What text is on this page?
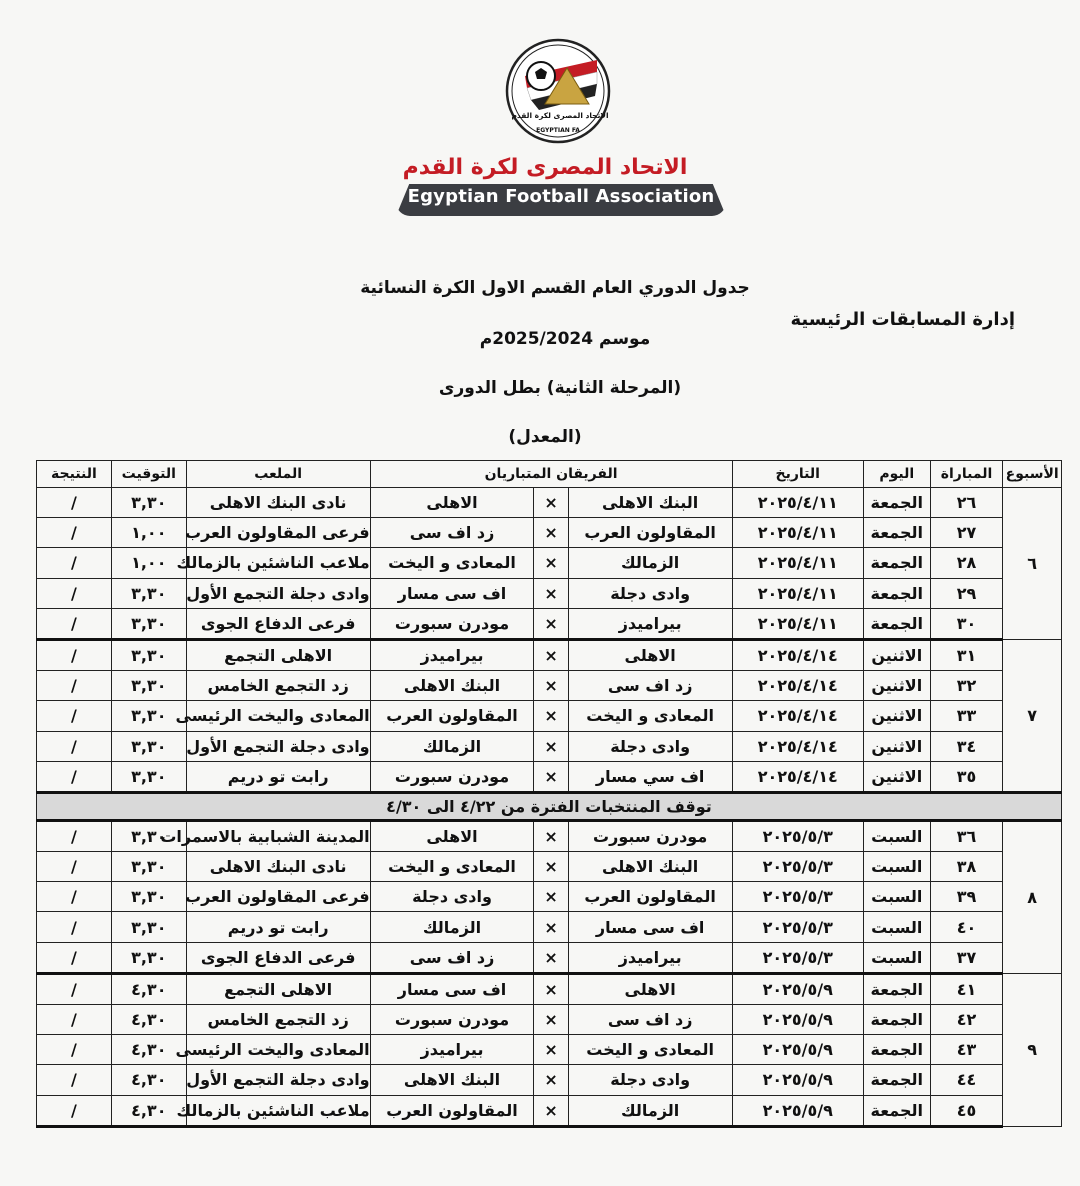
الاتحاد المصرى لكرة القدم
EGYPTIAN FA
الاتحاد المصرى لكرة القدم
Egyptian Football Association
جدول الدوري العام القسم الاول الكرة النسائية
إدارة المسابقات الرئيسية
موسم 2025/2024م
(المرحلة الثانية) بطل الدورى
(المعدل)
الأسبوع	المباراة	اليوم	التاريخ	الفريقان المتباريان			الملعب	التوقيت	النتيجة
٦	٢٦	الجمعة	٢٠٢٥/٤/١١	البنك الاهلى	×	الاهلى	نادى البنك الاهلى	٣,٣٠	/
	٢٧	الجمعة	٢٠٢٥/٤/١١	المقاولون العرب	×	زد اف سى	فرعى المقاولون العرب	١,٠٠	/
	٢٨	الجمعة	٢٠٢٥/٤/١١	الزمالك	×	المعادى و اليخت	ملاعب الناشئين بالزمالك	١,٠٠	/
	٢٩	الجمعة	٢٠٢٥/٤/١١	وادى دجلة	×	اف سى مسار	وادى دجلة التجمع الأول	٣,٣٠	/
	٣٠	الجمعة	٢٠٢٥/٤/١١	بيراميدز	×	مودرن سبورت	فرعى الدفاع الجوى	٣,٣٠	/
٧	٣١	الاثنين	٢٠٢٥/٤/١٤	الاهلى	×	بيراميدز	الاهلى التجمع	٣,٣٠	/
	٣٢	الاثنين	٢٠٢٥/٤/١٤	زد اف سى	×	البنك الاهلى	زد التجمع الخامس	٣,٣٠	/
	٣٣	الاثنين	٢٠٢٥/٤/١٤	المعادى و اليخت	×	المقاولون العرب	المعادى واليخت الرئيسى	٣,٣٠	/
	٣٤	الاثنين	٢٠٢٥/٤/١٤	وادى دجلة	×	الزمالك	وادى دجلة التجمع الأول	٣,٣٠	/
	٣٥	الاثنين	٢٠٢٥/٤/١٤	اف سي مسار	×	مودرن سبورت	رابت تو دريم	٣,٣٠	/
توقف المنتخبات الفترة من ٤/٢٢ الى ٤/٣٠									
٨	٣٦	السبت	٢٠٢٥/٥/٣	مودرن سبورت	×	الاهلى	المدينة الشبابية بالاسمرات	٣,٣٠	/
	٣٨	السبت	٢٠٢٥/٥/٣	البنك الاهلى	×	المعادى و اليخت	نادى البنك الاهلى	٣,٣٠	/
	٣٩	السبت	٢٠٢٥/٥/٣	المقاولون العرب	×	وادى دجلة	فرعى المقاولون العرب	٣,٣٠	/
	٤٠	السبت	٢٠٢٥/٥/٣	اف سى مسار	×	الزمالك	رابت تو دريم	٣,٣٠	/
	٣٧	السبت	٢٠٢٥/٥/٣	بيراميدز	×	زد اف سى	فرعى الدفاع الجوى	٣,٣٠	/
٩	٤١	الجمعة	٢٠٢٥/٥/٩	الاهلى	×	اف سى مسار	الاهلى التجمع	٤,٣٠	/
	٤٢	الجمعة	٢٠٢٥/٥/٩	زد اف سى	×	مودرن سبورت	زد التجمع الخامس	٤,٣٠	/
	٤٣	الجمعة	٢٠٢٥/٥/٩	المعادى و اليخت	×	بيراميدز	المعادى واليخت الرئيسى	٤,٣٠	/
	٤٤	الجمعة	٢٠٢٥/٥/٩	وادى دجلة	×	البنك الاهلى	وادى دجلة التجمع الأول	٤,٣٠	/
	٤٥	الجمعة	٢٠٢٥/٥/٩	الزمالك	×	المقاولون العرب	ملاعب الناشئين بالزمالك	٤,٣٠	/
